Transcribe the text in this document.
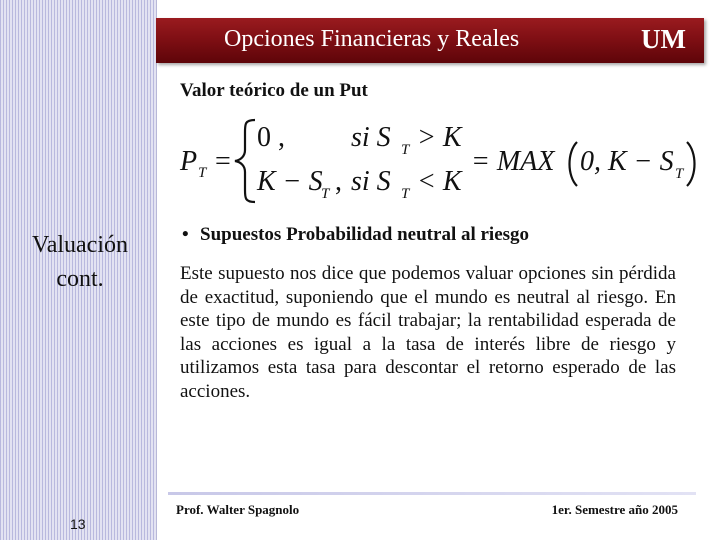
Valuación
cont.
13
Opciones Financieras y Reales	UM
Valor teórico de un Put
P T =
0 , si S T > K
K − S
T , si S T < K
= MAX 0, K − S T
• Supuestos Probabilidad neutral al riesgo
Este supuesto nos dice que podemos valuar opciones sin pérdida de exactitud, suponiendo que el mundo es neutral al riesgo. En este tipo de mundo es fácil trabajar; la rentabilidad esperada de las acciones es igual a la tasa de interés libre de riesgo y utilizamos esta tasa para descontar el retorno esperado de las acciones.
Prof. Walter Spagnolo	1er. Semestre año 2005
